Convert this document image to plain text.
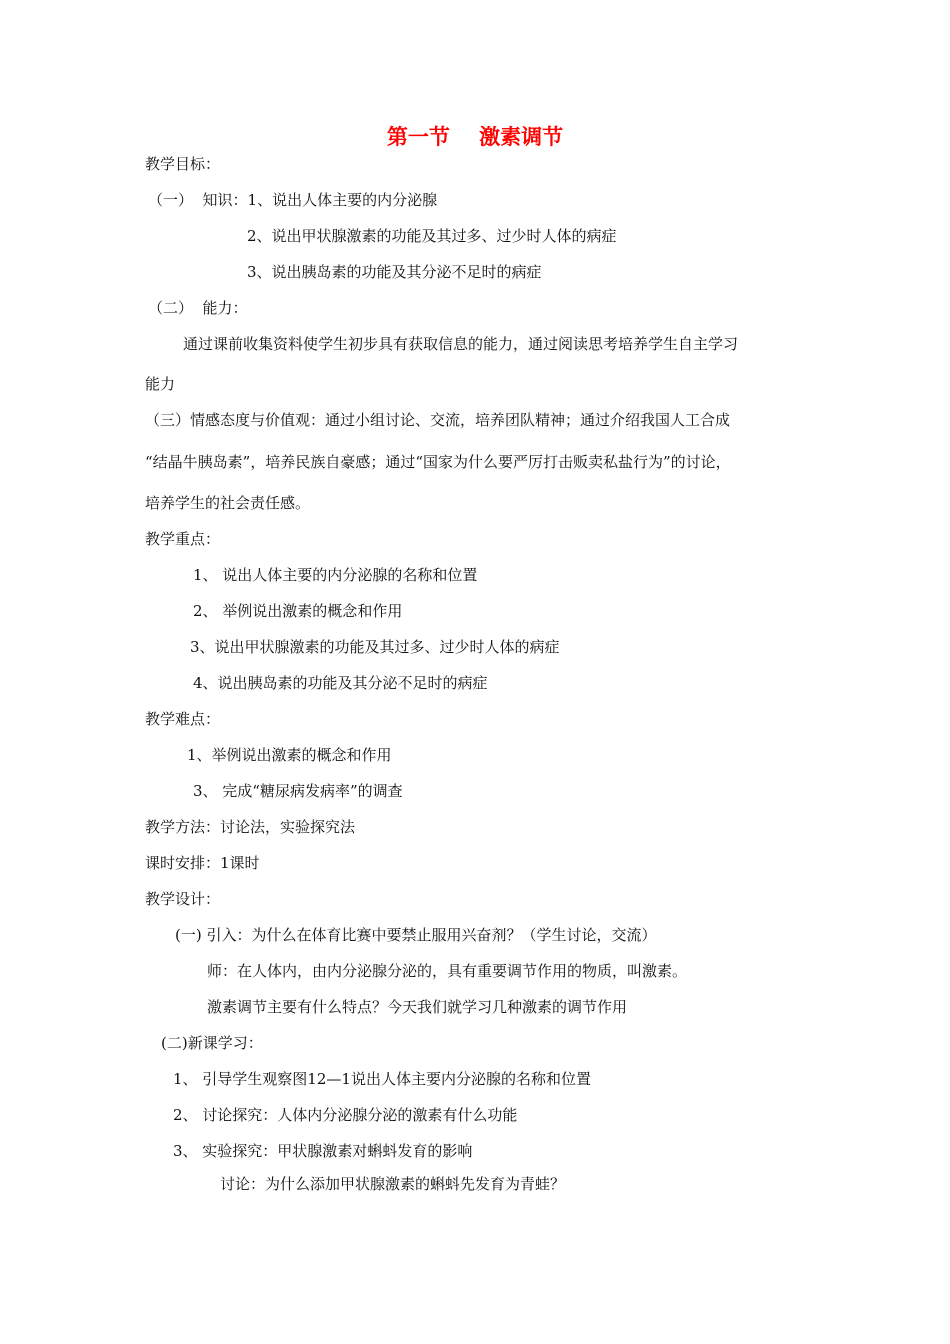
第一节    激素调节
教学目标：
（一）  知识：1、说出人体主要的内分泌腺
2、说出甲状腺激素的功能及其过多、过少时人体的病症
3、说出胰岛素的功能及其分泌不足时的病症
（二）  能力：
通过课前收集资料使学生初步具有获取信息的能力，通过阅读思考培养学生自主学习
能力
（三）情感态度与价值观：通过小组讨论、交流，培养团队精神；通过介绍我国人工合成
“结晶牛胰岛素”，培养民族自豪感；通过“国家为什么要严厉打击贩卖私盐行为”的讨论，
培养学生的社会责任感。
教学重点：
1、 说出人体主要的内分泌腺的名称和位置
2、 举例说出激素的概念和作用
3、说出甲状腺激素的功能及其过多、过少时人体的病症
4、说出胰岛素的功能及其分泌不足时的病症
教学难点：
1、举例说出激素的概念和作用
3、 完成“糖尿病发病率”的调查
教学方法：讨论法，实验探究法
课时安排：1课时
教学设计：
(一) 引入：为什么在体育比赛中要禁止服用兴奋剂？（学生讨论，交流）
师：在人体内，由内分泌腺分泌的，具有重要调节作用的物质，叫激素。
激素调节主要有什么特点？今天我们就学习几种激素的调节作用
(二)新课学习：
1、 引导学生观察图12—1说出人体主要内分泌腺的名称和位置
2、 讨论探究：人体内分泌腺分泌的激素有什么功能
3、 实验探究：甲状腺激素对蝌蚪发育的影响
讨论：为什么添加甲状腺激素的蝌蚪先发育为青蛙？
